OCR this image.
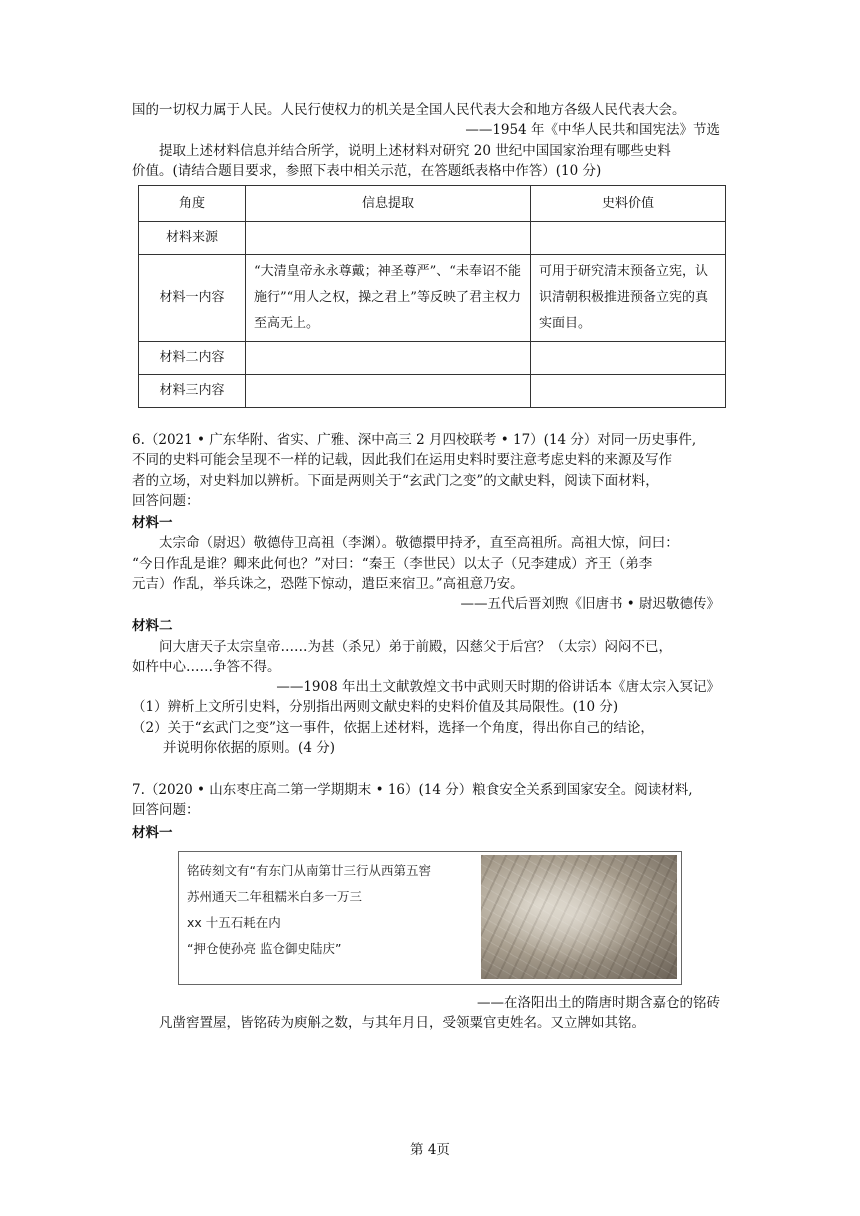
国的一切权力属于人民。人民行使权力的机关是全国人民代表大会和地方各级人民代表大会。

——1954 年《中华人民共和国宪法》节选

提取上述材料信息并结合所学，说明上述材料对研究 20 世纪中国国家治理有哪些史料

价值。(请结合题目要求，参照下表中相关示范，在答题纸表格中作答）(10 分)

角度	信息提取	史料价值
材料来源		
材料一内容	“大清皇帝永永尊戴；神圣尊严”、“未奉诏不能施行”“用人之权，操之君上”等反映了君主权力至高无上。	可用于研究清末预备立宪，认识清朝积极推进预备立宪的真实面目。
材料二内容		
材料三内容		

6.（2021 • 广东华附、省实、广雅、深中高三 2 月四校联考 • 17）(14 分）对同一历史事件,

不同的史料可能会呈现不一样的记载，因此我们在运用史料时要注意考虑史料的来源及写作

者的立场，对史料加以辨析。下面是两则关于“玄武门之变”的文献史料，阅读下面材料，

回答问题：

材料一

太宗命（尉迟）敬德侍卫高祖（李渊）。敬德擐甲持矛，直至高祖所。高祖大惊，问曰：

“今日作乱是谁？卿来此何也？”对曰：“秦王（李世民）以太子（兄李建成）齐王（弟李

元吉）作乱，举兵诛之，恐陛下惊动，遣臣来宿卫。”高祖意乃安。

——五代后晋刘煦《旧唐书 • 尉迟敬德传》

材料二

问大唐天子太宗皇帝……为甚（杀兄）弟于前殿，囚慈父于后宫？（太宗）闷闷不已，

如杵中心……争答不得。

——1908 年出土文献敦煌文书中武则天时期的俗讲话本《唐太宗入冥记》

（1）辨析上文所引史料，分别指出两则文献史料的史料价值及其局限性。(10 分)

（2）关于“玄武门之变”这一事件，依据上述材料，选择一个角度，得出你自己的结论，

并说明你依据的原则。(4 分)

7.（2020 • 山东枣庄高二第一学期期末 • 16）(14 分）粮食安全关系到国家安全。阅读材料,

回答问题：

材料一

铭砖刻文有“有东门从南第廿三行从西第五窖
苏州通天二年租糯米白多一万三
xx 十五石耗在内
“押仓使孙亮 监仓御史陆庆”

——在洛阳出土的隋唐时期含嘉仓的铭砖

凡凿窖置屋，皆铭砖为庾斛之数，与其年月日，受领粟官吏姓名。又立牌如其铭。

第 4页
